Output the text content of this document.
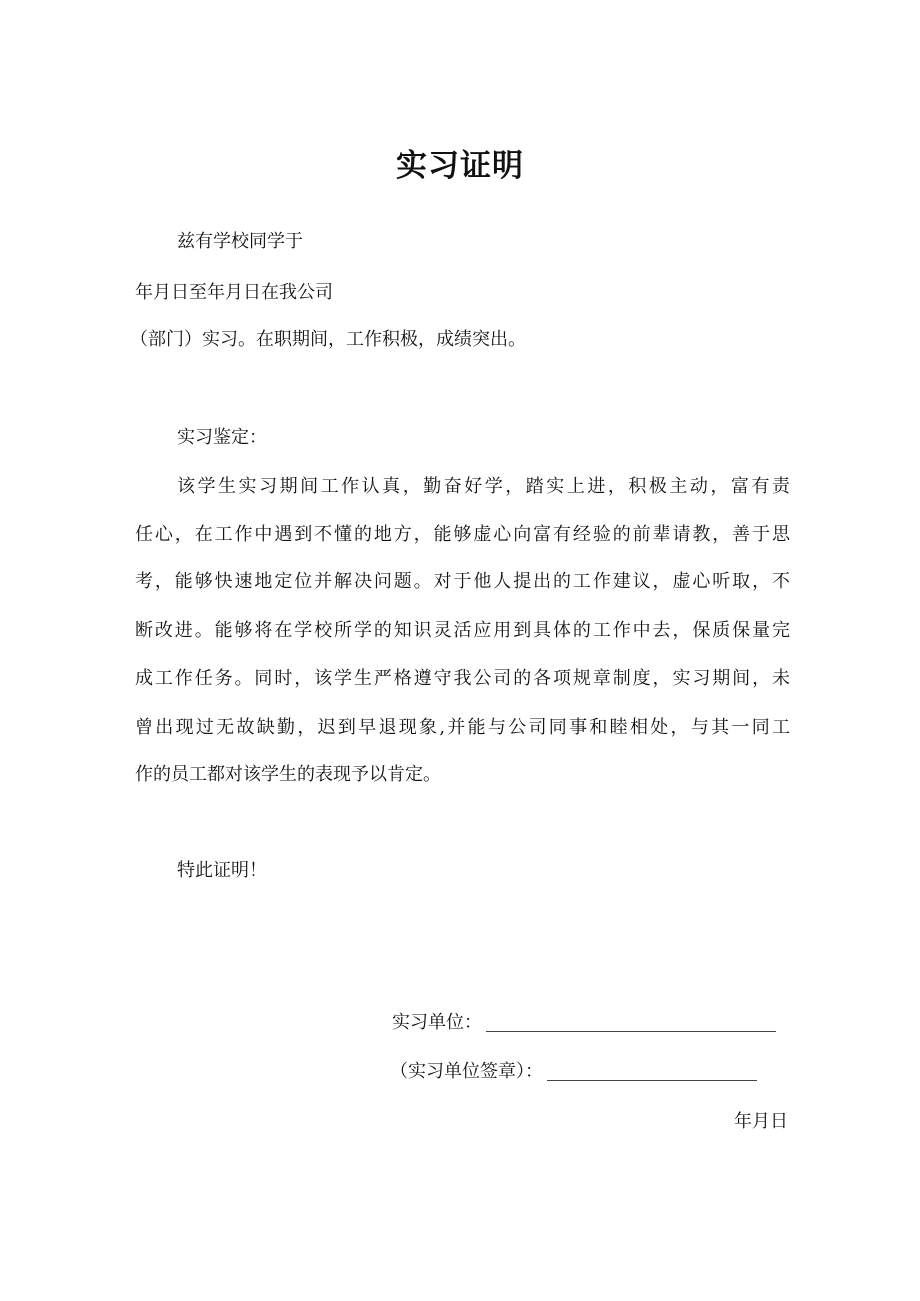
实习证明
兹有学校同学于
年月日至年月日在我公司
（部门）实习。在职期间，工作积极，成绩突出。
实习鉴定：
该学生实习期间工作认真，勤奋好学，踏实上进，积极主动，富有责
任心，在工作中遇到不懂的地方，能够虚心向富有经验的前辈请教，善于思
考，能够快速地定位并解决问题。对于他人提出的工作建议，虚心听取，不
断改进。能够将在学校所学的知识灵活应用到具体的工作中去，保质保量完
成工作任务。同时，该学生严格遵守我公司的各项规章制度，实习期间，未
曾出现过无故缺勤，迟到早退现象,并能与公司同事和睦相处，与其一同工
作的员工都对该学生的表现予以肯定。
特此证明！
实习单位：
（实习单位签章）：
年月日
